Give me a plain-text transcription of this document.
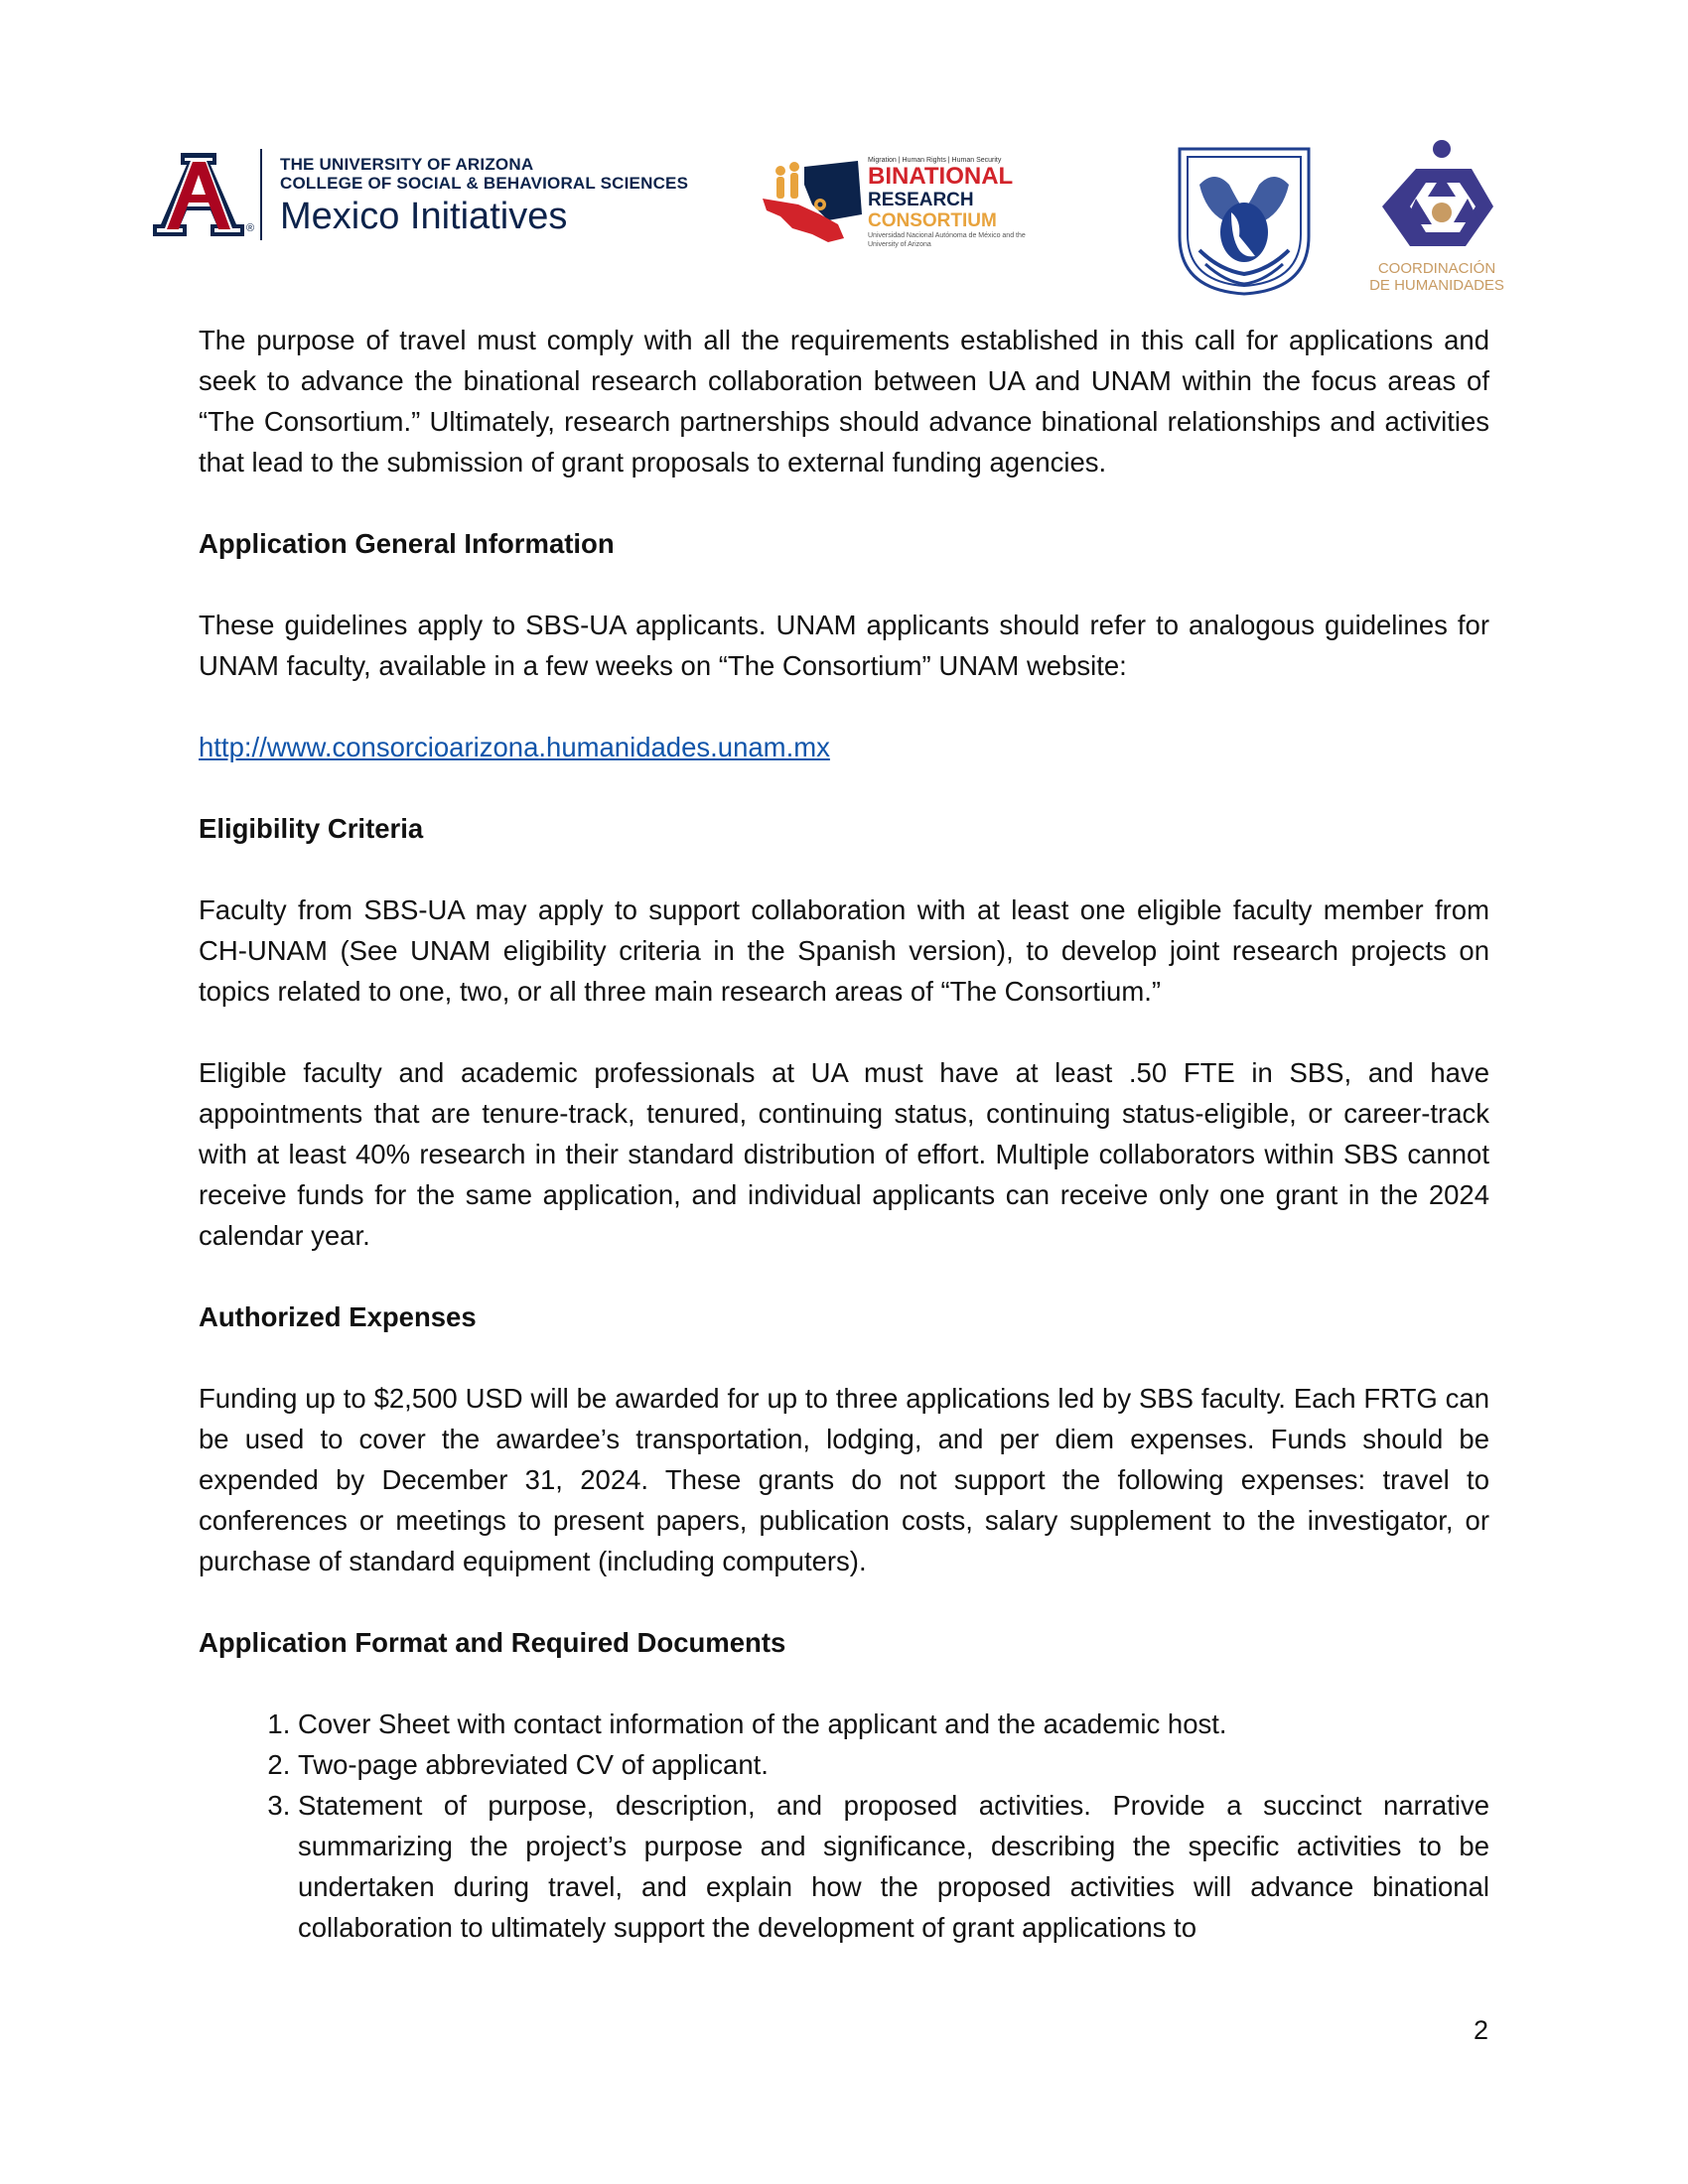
®
THE UNIVERSITY OF ARIZONA
COLLEGE OF SOCIAL & BEHAVIORAL SCIENCES
Mexico Initiatives
Migration | Human Rights | Human Security
BINATIONAL
RESEARCH
CONSORTIUM
Universidad Nacional Autónoma de México and the University of Arizona
COORDINACIÓN
DE HUMANIDADES

The purpose of travel must comply with all the requirements established in this call for applications and seek to advance the binational research collaboration between UA and UNAM within the focus areas of “The Consortium.” Ultimately, research partnerships should advance binational relationships and activities that lead to the submission of grant proposals to external funding agencies.

Application General Information

These guidelines apply to SBS-UA applicants. UNAM applicants should refer to analogous guidelines for UNAM faculty, available in a few weeks on “The Consortium” UNAM website:

http://www.consorcioarizona.humanidades.unam.mx

Eligibility Criteria

Faculty from SBS-UA may apply to support collaboration with at least one eligible faculty member from CH-UNAM (See UNAM eligibility criteria in the Spanish version), to develop joint research projects on topics related to one, two, or all three main research areas of “The Consortium.”

Eligible faculty and academic professionals at UA must have at least .50 FTE in SBS, and have appointments that are tenure-track, tenured, continuing status, continuing status-eligible, or career-track with at least 40% research in their standard distribution of effort. Multiple collaborators within SBS cannot receive funds for the same application, and individual applicants can receive only one grant in the 2024 calendar year.

Authorized Expenses

Funding up to $2,500 USD will be awarded for up to three applications led by SBS faculty. Each FRTG can be used to cover the awardee’s transportation, lodging, and per diem expenses. Funds should be expended by December 31, 2024. These grants do not support the following expenses: travel to conferences or meetings to present papers, publication costs, salary supplement to the investigator, or purchase of standard equipment (including computers).

Application Format and Required Documents
1. Cover Sheet with contact information of the applicant and the academic host.
2. Two-page abbreviated CV of applicant.
3. Statement of purpose, description, and proposed activities. Provide a succinct narrative summarizing the project’s purpose and significance, describing the specific activities to be undertaken during travel, and explain how the proposed activities will advance binational collaboration to ultimately support the development of grant applications to
2
